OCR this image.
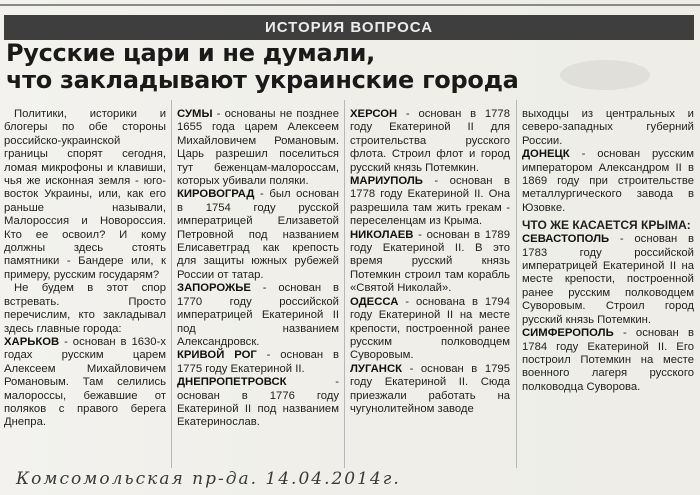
ИСТОРИЯ ВОПРОСА
Русские цари и не думали,
что закладывают украинские города

Политики, историки и блогеры по обе стороны российско-украинской границы спорят сегодня, ломая микрофоны и клавиши, чья же исконная земля - юго-восток Украины, или, как его раньше называли, Малороссия и Новороссия. Кто ее освоил? И кому должны здесь стоять памятники - Бандере или, к примеру, русским государям?

Не будем в этот спор встревать. Просто перечислим, кто закладывал здесь главные города:

ХАРЬКОВ - основан в 1630-х годах русским царем Алексеем Михайловичем Романовым. Там селились малороссы, бежавшие от поляков с правого берега Днепра.

СУМЫ - основаны не позднее 1655 года царем Алексеем Михайловичем Романовым. Царь разрешил поселиться тут беженцам-малороссам, которых убивали поляки.

КИРОВОГРАД - был основан в 1754 году русской императрицей Елизаветой Петровной под названием Елисаветград как крепость для защиты южных рубежей России от татар.

ЗАПОРОЖЬЕ - основан в 1770 году российской императрицей Екатериной II под названием Александровск.

КРИВОЙ РОГ - основан в 1775 году Екатериной II.

ДНЕПРОПЕТРОВСК - основан в 1776 году Екатериной II под названием Екатеринослав.

ХЕРСОН - основан в 1778 году Екатериной II для строительства русского флота. Строил флот и город русский князь Потемкин.

МАРИУПОЛЬ - основан в 1778 году Екатериной II. Она разрешила там жить грекам - переселенцам из Крыма.

НИКОЛАЕВ - основан в 1789 году Екатериной II. В это время русский князь Потемкин строил там корабль «Святой Николай».

ОДЕССА - основана в 1794 году Екатериной II на месте крепости, построенной ранее русским полководцем Суворовым.

ЛУГАНСК - основан в 1795 году Екатериной II. Сюда приезжали работать на чугунолитейном заводе

выходцы из центральных и северо-западных губерний России.

ДОНЕЦК - основан русским императором Александром II в 1869 году при строительстве металлургического завода в Юзовке.

ЧТО ЖЕ КАСАЕТСЯ КРЫМА:

СЕВАСТОПОЛЬ - основан в 1783 году российской императрицей Екатериной II на месте крепости, построенной ранее русским полководцем Суворовым. Строил город русский князь Потемкин.

СИМФЕРОПОЛЬ - основан в 1784 году Екатериной II. Его построил Потемкин на месте военного лагеря русского полководца Суворова.

Комсомольская пр-да. 14.04.2014г.
